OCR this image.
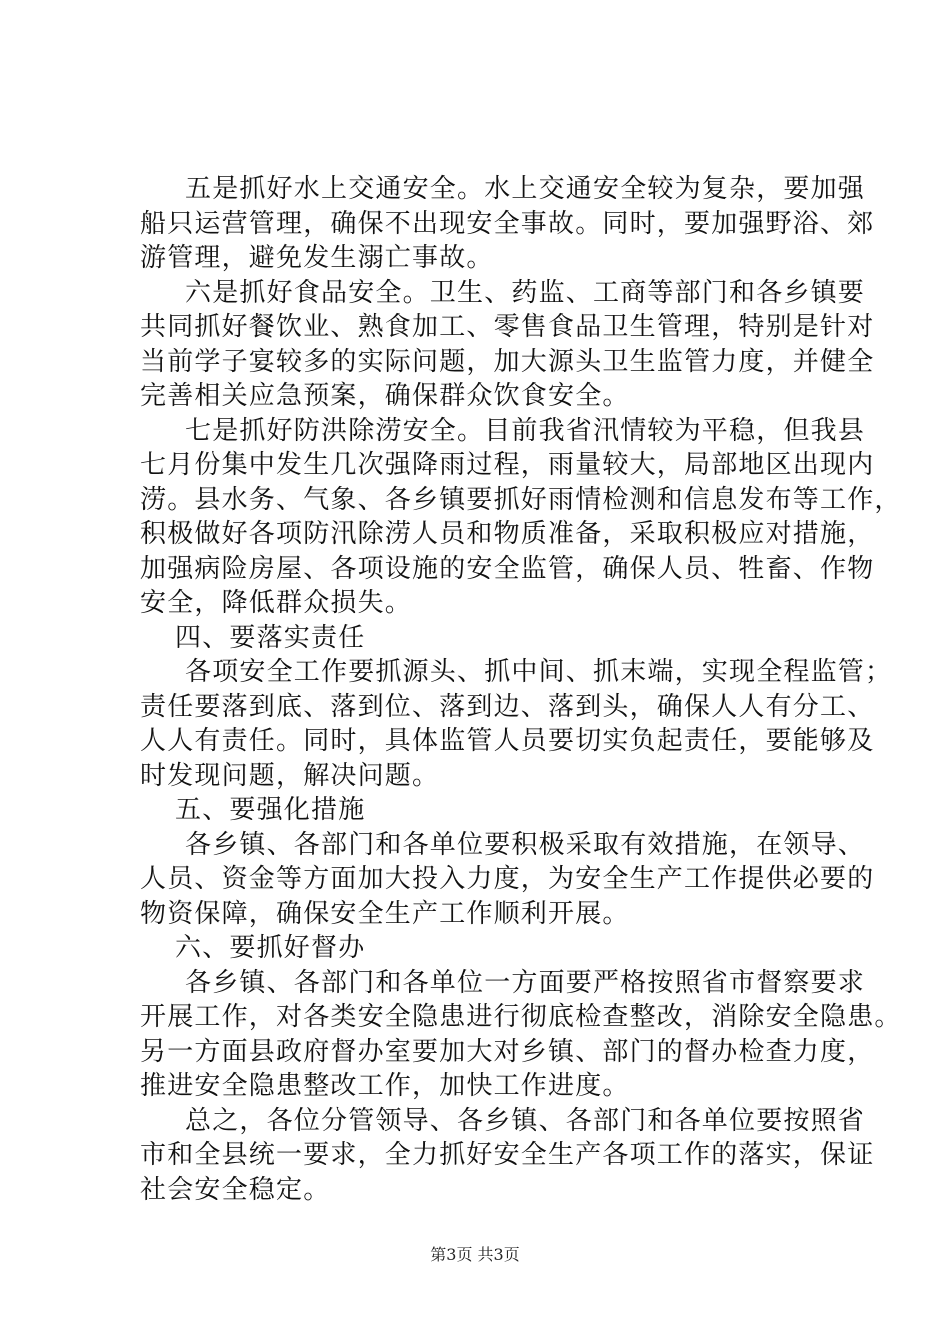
五是抓好水上交通安全。水上交通安全较为复杂，要加强
船只运营管理，确保不出现安全事故。同时，要加强野浴、郊
游管理，避免发生溺亡事故。
六是抓好食品安全。卫生、药监、工商等部门和各乡镇要
共同抓好餐饮业、熟食加工、零售食品卫生管理，特别是针对
当前学子宴较多的实际问题，加大源头卫生监管力度，并健全
完善相关应急预案，确保群众饮食安全。
七是抓好防洪除涝安全。目前我省汛情较为平稳，但我县
七月份集中发生几次强降雨过程，雨量较大，局部地区出现内
涝。县水务、气象、各乡镇要抓好雨情检测和信息发布等工作，
积极做好各项防汛除涝人员和物质准备，采取积极应对措施，
加强病险房屋、各项设施的安全监管，确保人员、牲畜、作物
安全，降低群众损失。
四、要落实责任
各项安全工作要抓源头、抓中间、抓末端，实现全程监管；
责任要落到底、落到位、落到边、落到头，确保人人有分工、
人人有责任。同时，具体监管人员要切实负起责任，要能够及
时发现问题，解决问题。
五、要强化措施
各乡镇、各部门和各单位要积极采取有效措施，在领导、
人员、资金等方面加大投入力度，为安全生产工作提供必要的
物资保障，确保安全生产工作顺利开展。
六、要抓好督办
各乡镇、各部门和各单位一方面要严格按照省市督察要求
开展工作，对各类安全隐患进行彻底检查整改，消除安全隐患。
另一方面县政府督办室要加大对乡镇、部门的督办检查力度，
推进安全隐患整改工作，加快工作进度。
总之，各位分管领导、各乡镇、各部门和各单位要按照省
市和全县统一要求，全力抓好安全生产各项工作的落实，保证
社会安全稳定。
第3页 共3页
